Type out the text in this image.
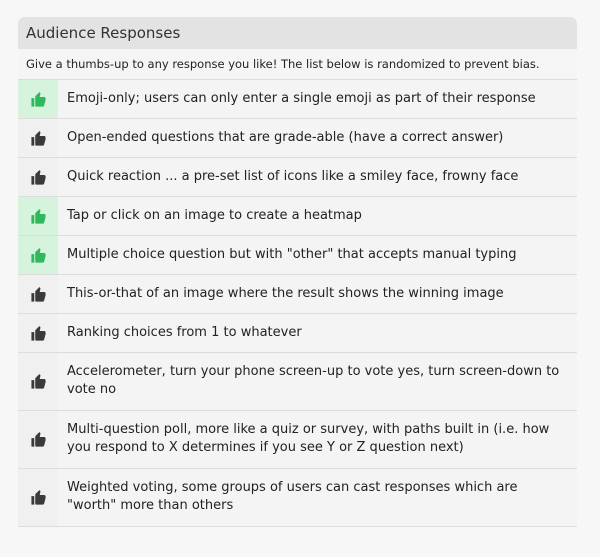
Audience Responses
Give a thumbs-up to any response you like! The list below is randomized to prevent bias.
Emoji-only; users can only enter a single emoji as part of their response
Open-ended questions that are grade-able (have a correct answer)
Quick reaction ... a pre-set list of icons like a smiley face, frowny face
Tap or click on an image to create a heatmap
Multiple choice question but with "other" that accepts manual typing
This-or-that of an image where the result shows the winning image
Ranking choices from 1 to whatever
Accelerometer, turn your phone screen-up to vote yes, turn screen-down to vote no
Multi-question poll, more like a quiz or survey, with paths built in (i.e. how you respond to X determines if you see Y or Z question next)
Weighted voting, some groups of users can cast responses which are "worth" more than others
